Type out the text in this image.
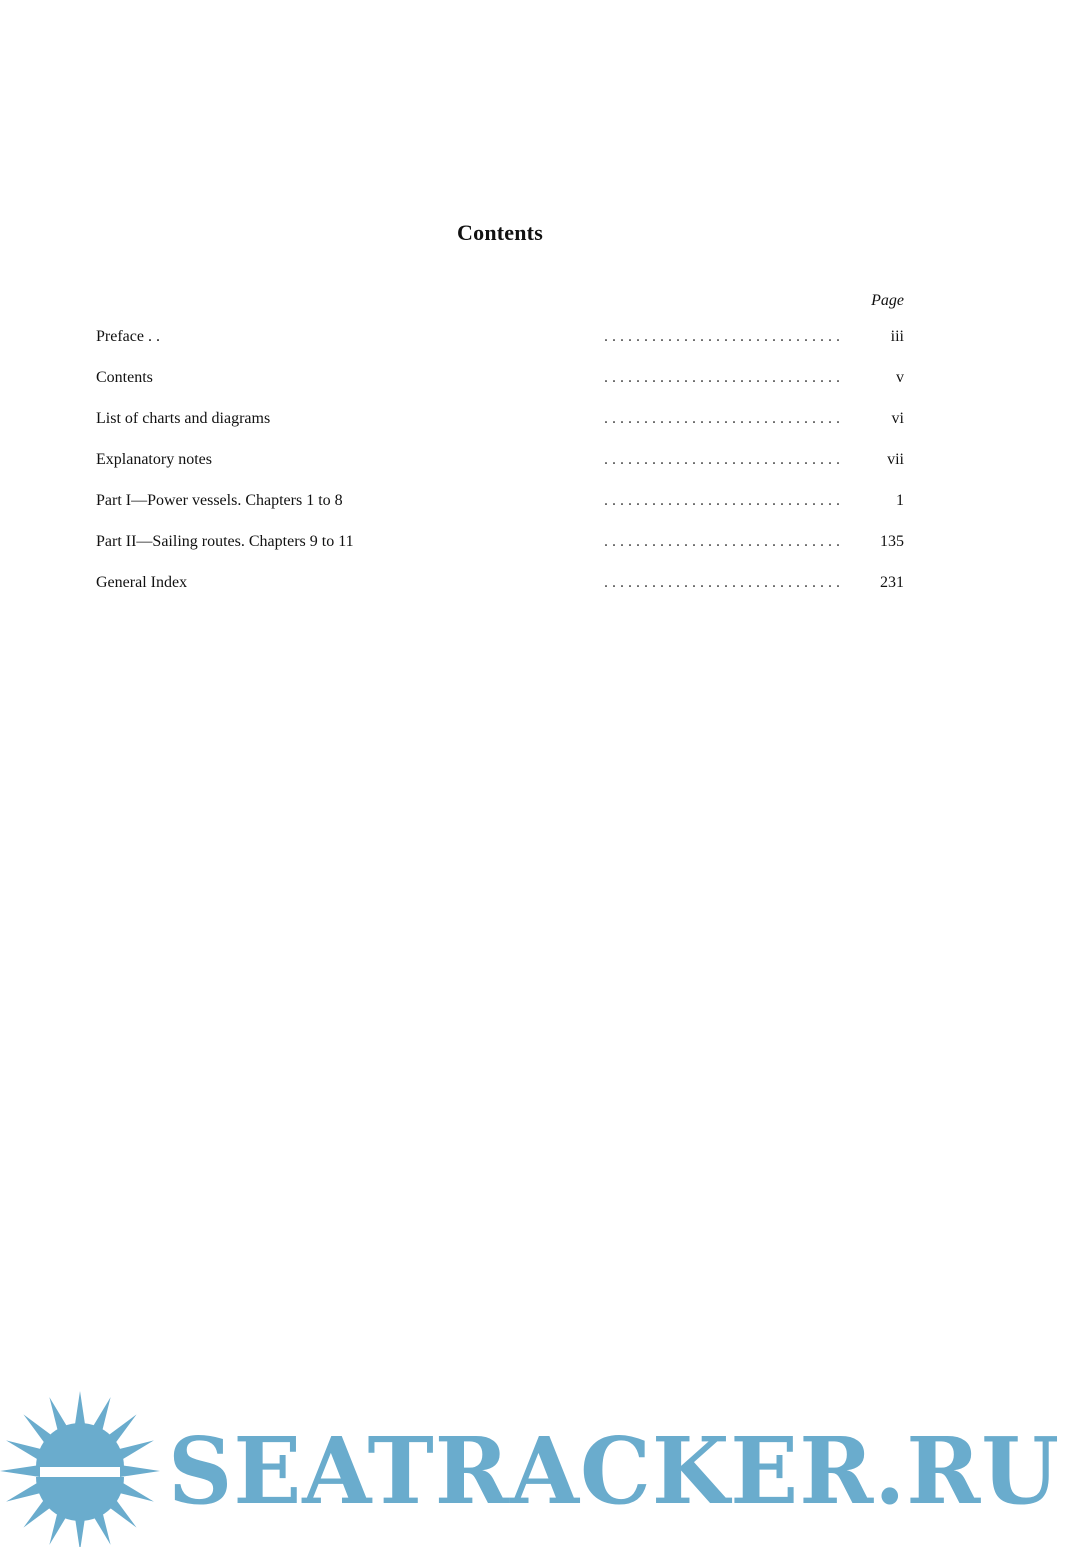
Contents
Page
Preface . .	. . . . . . . . . . . . . . . . . . . . . . . . . . . . . .	iii
Contents	. . . . . . . . . . . . . . . . . . . . . . . . . . . . . .	v
List of charts and diagrams	. . . . . . . . . . . . . . . . . . . . . . . . . . . . . .	vi
Explanatory notes	. . . . . . . . . . . . . . . . . . . . . . . . . . . . . .	vii
Part I—Power vessels. Chapters 1 to 8	. . . . . . . . . . . . . . . . . . . . . . . . . . . . . .	1
Part II—Sailing routes. Chapters 9 to 11	. . . . . . . . . . . . . . . . . . . . . . . . . . . . . .	135
General Index	. . . . . . . . . . . . . . . . . . . . . . . . . . . . . .	231
SEATRACKER.RU
